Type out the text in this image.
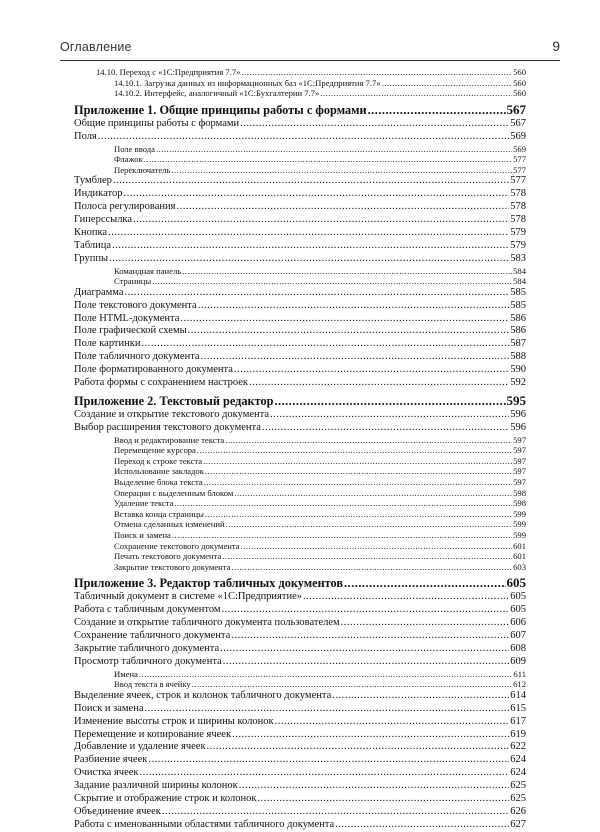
Оглавление	9
14.10. Переход с «1С:Предприятия 7.7» .....	560
14.10.1. Загрузка данных из информационных баз «1С:Предприятия 7.7» .....	560
14.10.2. Интерфейс, аналогичный «1С:Бухгалтерии 7.7» .....	560
Приложение 1. Общие принципы работы с формами .....	567
Общие принципы работы с формами .....	567
Поля .....	569
Поле ввода .....	569
Флажок .....	577
Переключатель .....	577
Тумблер .....	577
Индикатор .....	578
Полоса регулирования .....	578
Гиперссылка .....	578
Кнопка .....	579
Таблица .....	579
Группы .....	583
Командная панель .....	584
Страницы .....	584
Диаграмма .....	585
Поле текстового документа .....	585
Поле HTML-документа .....	586
Поле графической схемы .....	586
Поле картинки .....	587
Поле табличного документа .....	588
Поле форматированного документа .....	590
Работа формы с сохранением настроек .....	592
Приложение 2. Текстовый редактор .....	595
Создание и открытие текстового документа .....	596
Выбор расширения текстового документа .....	596
Ввод и редактирование текста .....	597
Перемещение курсора .....	597
Переход к строке текста .....	597
Использование закладок .....	597
Выделение блока текста .....	597
Операции с выделенным блоком .....	598
Удаление текста .....	598
Вставка конца страницы .....	599
Отмена сделанных изменений .....	599
Поиск и замена .....	599
Сохранение текстового документа .....	601
Печать текстового документа .....	601
Закрытие текстового документа .....	603
Приложение 3. Редактор табличных документов .....	605
Табличный документ в системе «1С:Предприятие» .....	605
Работа с табличным документом .....	605
Создание и открытие табличного документа пользователем .....	606
Сохранение табличного документа .....	607
Закрытие табличного документа .....	608
Просмотр табличного документа .....	609
Имена .....	611
Ввод текста в ячейку .....	612
Выделение ячеек, строк и колонок табличного документа .....	614
Поиск и замена .....	615
Изменение высоты строк и ширины колонок .....	617
Перемещение и копирование ячеек .....	619
Добавление и удаление ячеек .....	622
Разбиение ячеек .....	624
Очистка ячеек .....	624
Задание различной ширины колонок .....	625
Скрытие и отображение строк и колонок .....	625
Объединение ячеек .....	626
Работа с именованными областями табличного документа .....	627
